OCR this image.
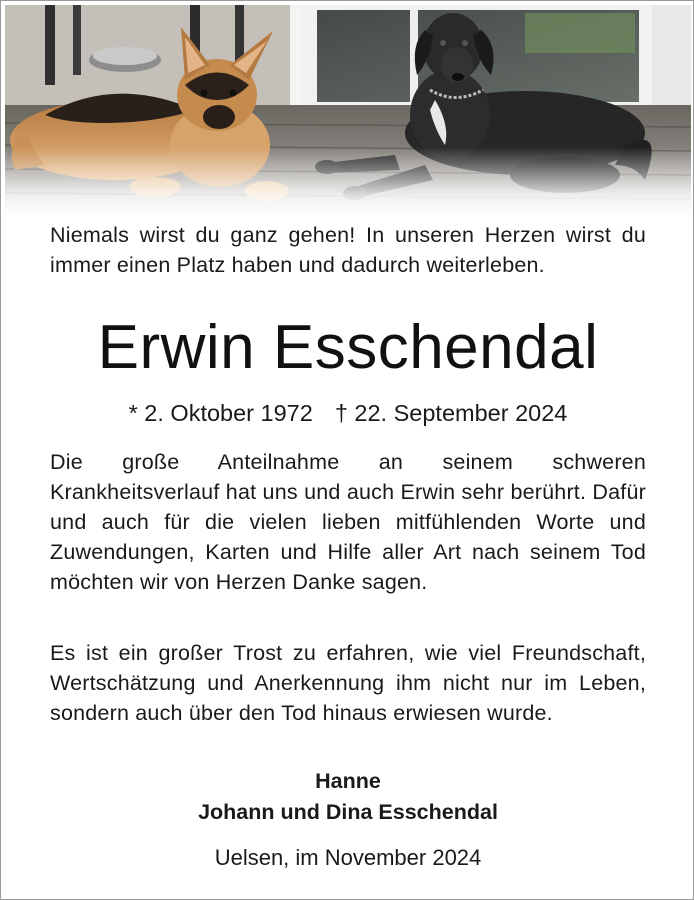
Niemals wirst du ganz gehen! In unseren Herzen wirst du immer einen Platz haben und dadurch weiterleben.

Erwin Esschendal
* 2. Oktober 1972 † 22. September 2024

Die große Anteilnahme an seinem schweren Krankheitsverlauf hat uns und auch Erwin sehr berührt. Dafür und auch für die vielen lieben mitfühlenden Worte und Zuwendungen, Karten und Hilfe aller Art nach seinem Tod möchten wir von Herzen Danke sagen.

Es ist ein großer Trost zu erfahren, wie viel Freundschaft, Wertschätzung und Anerkennung ihm nicht nur im Leben, sondern auch über den Tod hinaus erwiesen wurde.

Hanne
Johann und Dina Esschendal
Uelsen, im November 2024
